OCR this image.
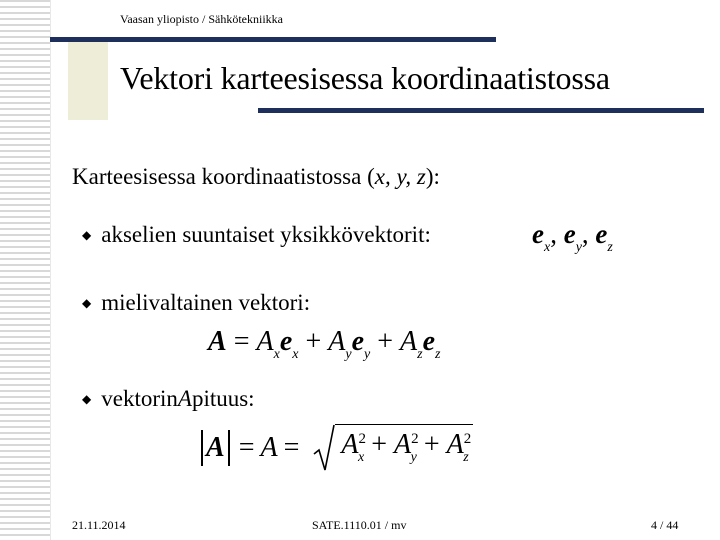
Vaasan yliopisto / Sähkötekniikka
Vektori karteesisessa koordinaatistossa
Karteesisessa koordinaatistossa (x, y, z):
◆ akselien suuntaiset yksikkövektorit:	$e_x$, $e_y$, $e_z$
◆ mielivaltainen vektori:
$A = A_xe_x + A_ye_y + A_ze_z$
◆ vektorin A pituus:
$A = A = A^2_x + A^2_y + A^2_z$
21.11.2014	SATE.1110.01 / mv	4 / 44
